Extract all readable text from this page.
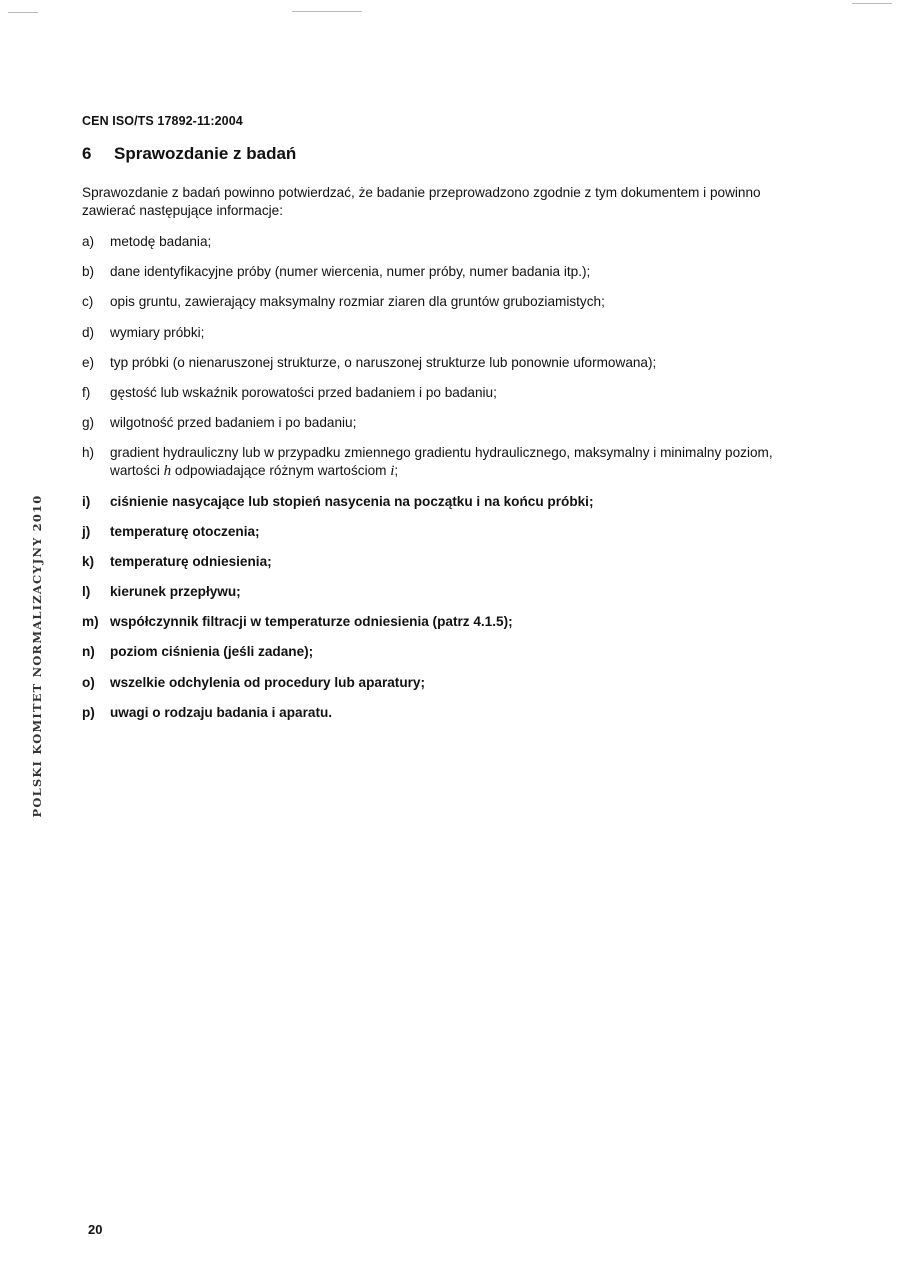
CEN ISO/TS 17892-11:2004
6	Sprawozdanie z badań
Sprawozdanie z badań powinno potwierdzać, że badanie przeprowadzono zgodnie z tym dokumentem i powinno zawierać następujące informacje:
a)	metodę badania;
b)	dane identyfikacyjne próby (numer wiercenia, numer próby, numer badania itp.);
c)	opis gruntu, zawierający maksymalny rozmiar ziaren dla gruntów gruboziamistych;
d)	wymiary próbki;
e)	typ próbki (o nienaruszonej strukturze, o naruszonej strukturze lub ponownie uformowana);
f)	gęstość lub wskaźnik porowatości przed badaniem i po badaniu;
g)	wilgotność przed badaniem i po badaniu;
h)	gradient hydrauliczny lub w przypadku zmiennego gradientu hydraulicznego, maksymalny i minimalny poziom, wartości h odpowiadające różnym wartościom i;
i)	ciśnienie nasycające lub stopień nasycenia na początku i na końcu próbki;
j)	temperaturę otoczenia;
k)	temperaturę odniesienia;
l)	kierunek przepływu;
m) współczynnik filtracji w temperaturze odniesienia (patrz 4.1.5);
n)	poziom ciśnienia (jeśli zadane);
o)	wszelkie odchylenia od procedury lub aparatury;
p)	uwagi o rodzaju badania i aparatu.
POLSKI KOMITET NORMALIZACYJNY 2010
20
